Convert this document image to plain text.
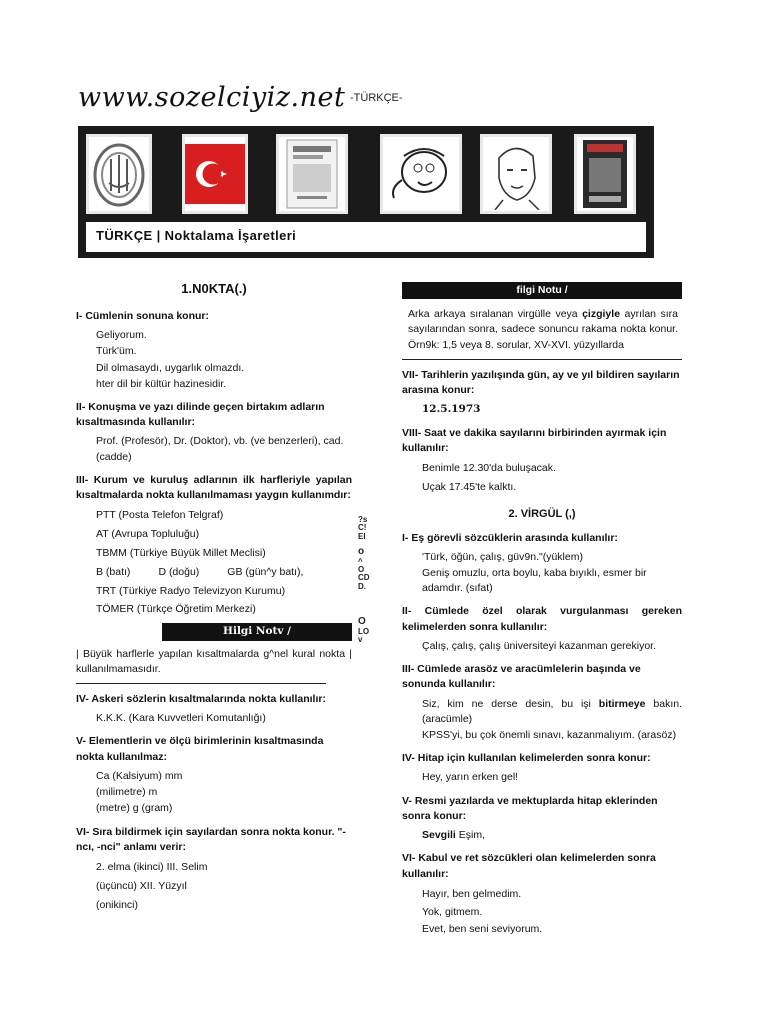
www.sozelciyiz.net -TÜRKÇE-
TÜRKÇE | Noktalama İşaretleri
1.N0KTA(.)
I- Cümlenin sonuna konur:
Geliyorum.
Türk'üm.
Dil olmasaydı, uygarlık olmazdı.
hter dil bir kültür hazinesidir.
II- Konuşma ve yazı dilinde geçen birtakım adların kısaltmasında kullanılır:
Prof. (Profesör), Dr. (Doktor), vb. (ve benzerleri), cad. (cadde)
III- Kurum ve kuruluş adlarının ilk harfleriyle yapılan kısaltmalarda nokta kullanılmaması yaygın kullanımdır:
PTT (Posta Telefon Telgraf)
AT (Avrupa Topluluğu)
TBMM (Türkiye Büyük Millet Meclisi)
B (batı)	D (doğu)	GB (gün^y batı),
TRT (Türkiye Radyo Televizyon Kurumu)
TÖMER (Türkçe Öğretim Merkezi)
Hilgi Notv /
| Büyük harflerle yapılan kısaltmalarda g^nel kural nokta | kullanılmamasıdır.
IV- Askeri sözlerin kısaltmalarında nokta kullanılır:
K.K.K. (Kara Kuvvetleri Komutanlığı)
V- Elementlerin ve ölçü birimlerinin kısaltmasında nokta kullanılmaz:
Ca (Kalsiyum) mm
(milimetre) m
(metre) g (gram)
VI- Sıra bildirmek için sayılardan sonra nokta konur. "-ncı, -nci" anlamı verir:
2. elma (ikinci) III. Selim
(üçüncü) XII. Yüzyıl
(onikinci)
?s
C!
EI
o
^
O
CD
D.
O
LO
v
filgi Notu /
Arka arkaya sıralanan virgülle veya çizgiyle ayrılan sıra sayılarından sonra, sadece sonuncu rakama nokta konur. Örn9k: 1,5 veya 8. sorular, XV-XVI. yüzyıllarda
VII- Tarihlerin yazılışında gün, ay ve yıl bildiren sayıların arasına konur:
12.5.1973
VIII- Saat ve dakika sayılarını birbirinden ayırmak için kullanılır:
Benimle 12.30'da buluşacak.
Uçak 17.45'te kalktı.
2. VİRGÜL (,)
I- Eş görevli sözcüklerin arasında kullanılır:
'Türk, öğün, çalış, güv9n."(yüklem)
Geniş omuzlu, orta boylu, kaba bıyıklı, esmer bir adamdır. (sıfat)
II- Cümlede özel olarak vurgulanması gereken kelimelerden sonra kullanılır:
Çalış, çalış, çalış üniversiteyi kazanman gerekiyor.
III- Cümlede arasöz ve aracümlelerin başında ve sonunda kullanılır:
Siz, kim ne derse desin, bu işi bitirmeye bakın. (aracümle)
KPSS'yi, bu çok önemli sınavı, kazanmalıyım. (arasöz)
IV- Hitap için kullanılan kelimelerden sonra konur:
Hey, yarın erken gel!
V- Resmi yazılarda ve mektuplarda hitap eklerinden sonra konur:
Sevgili Eşim,
VI- Kabul ve ret sözcükleri olan kelimelerden sonra kullanılır:
Hayır, ben gelmedim.
Yok, gitmem.
Evet, ben seni seviyorum.
